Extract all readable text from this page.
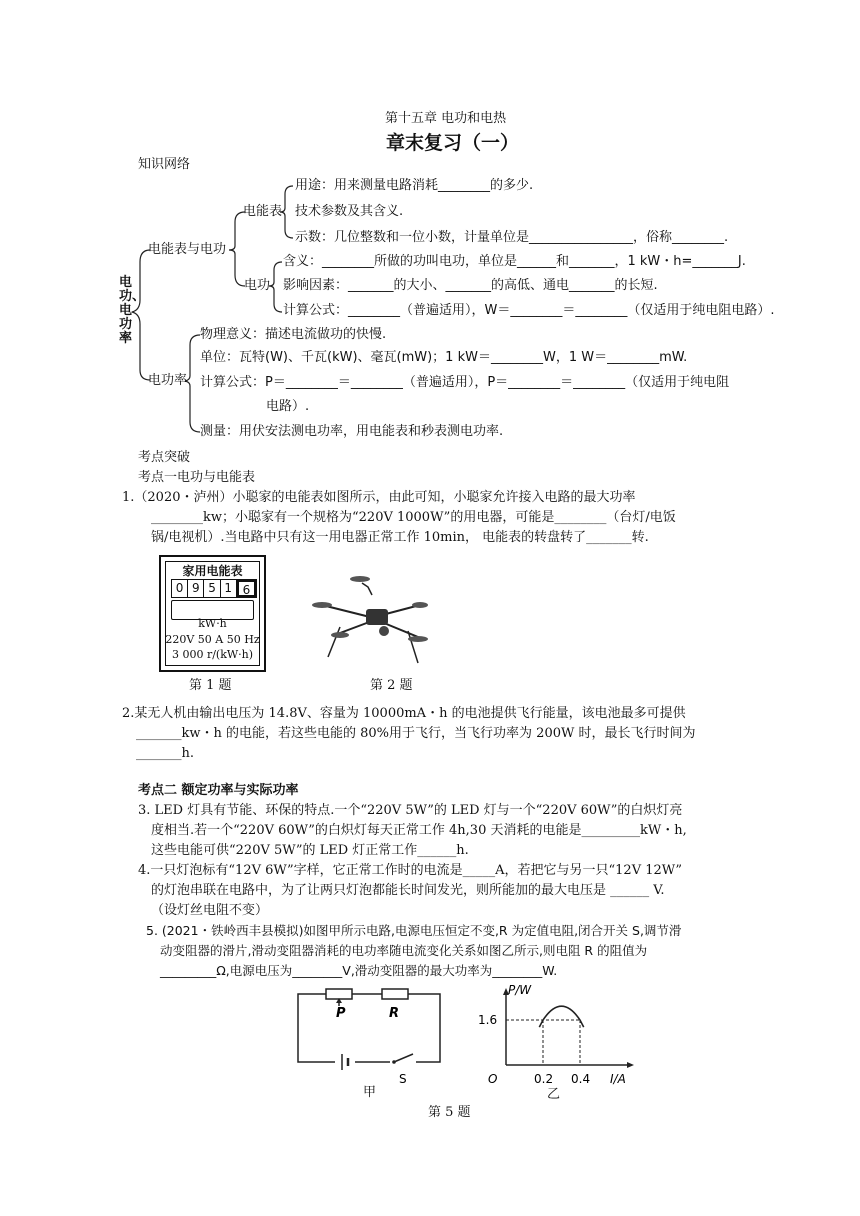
第十五章 电功和电热
章末复习（一）
知识网络
电功、电功率
电能表与电功
电能表
用途：用来测量电路消耗________的多少.
技术参数及其含义.
示数：几位整数和一位小数，计量单位是________________，俗称________.
电功
含义：________所做的功叫电功，单位是______和_______，1 kW・h=_______J.
影响因素：_______的大小、_______的高低、通电_______的长短.
计算公式：________（普遍适用），W＝________＝________（仅适用于纯电阻电路）.
电功率
物理意义：描述电流做功的快慢.
单位：瓦特(W)、千瓦(kW)、毫瓦(mW)；1 kW＝________W，1 W＝________mW.
计算公式：P＝________＝________（普遍适用），P＝________＝________（仅适用于纯电阻
电路）.
测量：用伏安法测电功率，用电能表和秒表测电功率.
考点突破
考点一电功与电能表
1.（2020・泸州）小聪家的电能表如图所示，由此可知，小聪家允许接入电路的最大功率
________kw；小聪家有一个规格为“220V 1000W”的用电器，可能是________（台灯/电饭
锅/电视机）.当电路中只有这一用电器正常工作 10min， 电能表的转盘转了_______转.
家用电能表
0 9 5 1 6
kW·h
220V 50 A 50 Hz
3 000 r/(kW·h)
第 1 题	第 2 题
2.某无人机由输出电压为 14.8V、容量为 10000mA・h 的电池提供飞行能量，该电池最多可提供
_______kw・h 的电能，若这些电能的 80%用于飞行，当飞行功率为 200W 时，最长飞行时间为
_______h.
考点二 额定功率与实际功率
3. LED 灯具有节能、环保的特点.一个“220V 5W”的 LED 灯与一个“220V 60W”的白炽灯亮
度相当.若一个“220V 60W”的白炽灯每天正常工作 4h,30 天消耗的电能是_________kW・h,
这些电能可供“220V 5W”的 LED 灯正常工作______h.
4.一只灯泡标有“12V 6W”字样，它正常工作时的电流是_____A，若把它与另一只“12V 12W”
的灯泡串联在电路中，为了让两只灯泡都能长时间发光，则所能加的最大电压是 ______ V.
（设灯丝电阻不变）
5. (2021・铁岭西丰县模拟)如图甲所示电路,电源电压恒定不变,R 为定值电阻,闭合开关 S,调节滑
动变阻器的滑片,滑动变阻器消耗的电功率随电流变化关系如图乙所示,则电阻 R 的阻值为
_________Ω,电源电压为________V,滑动变阻器的最大功率为________W.
P	R
S
甲
P/W
I/A
O	0.2 0.4
1.6
乙
第 5 题
